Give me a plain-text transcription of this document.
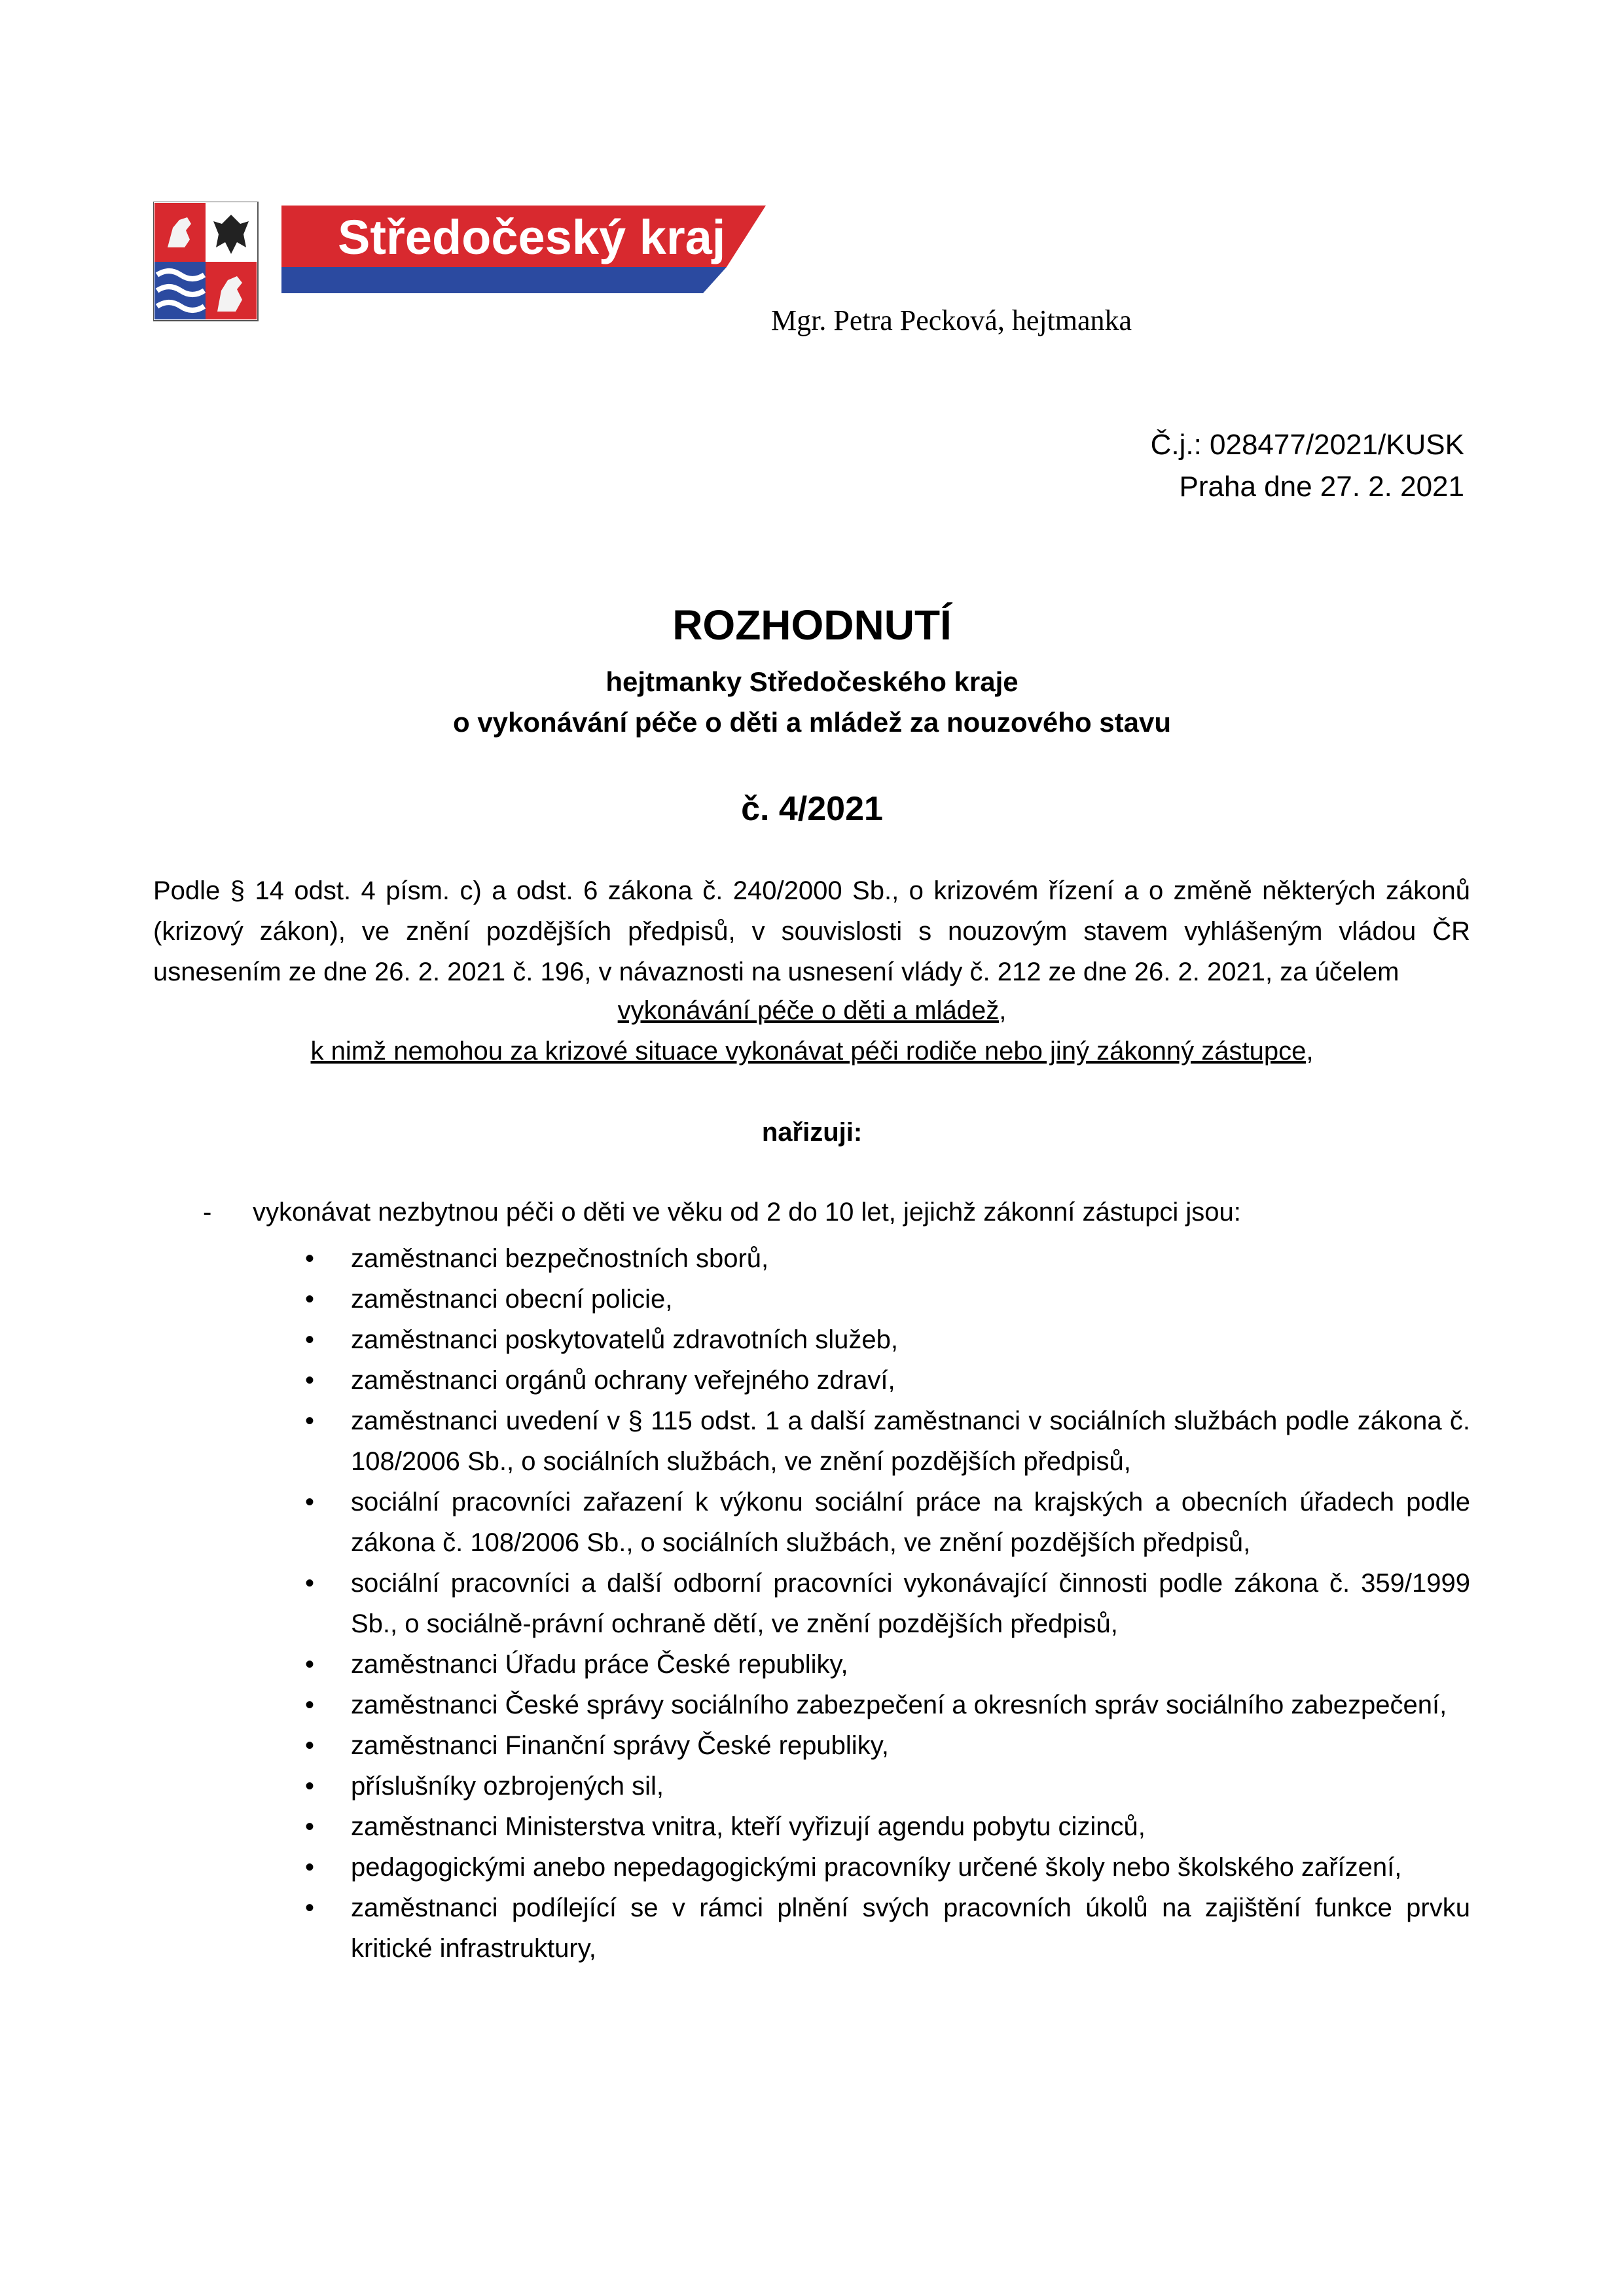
Středočeský kraj
Mgr. Petra Pecková, hejtmanka
Č.j.: 028477/2021/KUSK
Praha dne 27. 2. 2021
ROZHODNUTÍ
hejtmanky Středočeského kraje
o vykonávání péče o děti a mládež za nouzového stavu
č. 4/2021
Podle § 14 odst. 4 písm. c) a odst. 6 zákona č. 240/2000 Sb., o krizovém řízení a o změně některých zákonů (krizový zákon), ve znění pozdějších předpisů, v souvislosti s nouzovým stavem vyhlášeným vládou ČR usnesením ze dne 26. 2. 2021 č. 196, v návaznosti na usnesení vlády č. 212 ze dne 26. 2. 2021, za účelem
vykonávání péče o děti a mládež,
k nimž nemohou za krizové situace vykonávat péči rodiče nebo jiný zákonný zástupce,
nařizuji:
- vykonávat nezbytnou péči o děti ve věku od 2 do 10 let, jejichž zákonní zástupci jsou:
• zaměstnanci bezpečnostních sborů,
• zaměstnanci obecní policie,
• zaměstnanci poskytovatelů zdravotních služeb,
• zaměstnanci orgánů ochrany veřejného zdraví,
• zaměstnanci uvedení v § 115 odst. 1 a další zaměstnanci v sociálních službách podle zákona č. 108/2006 Sb., o sociálních službách, ve znění pozdějších předpisů,
• sociální pracovníci zařazení k výkonu sociální práce na krajských a obecních úřadech podle zákona č. 108/2006 Sb., o sociálních službách, ve znění pozdějších předpisů,
• sociální pracovníci a další odborní pracovníci vykonávající činnosti podle zákona č. 359/1999 Sb., o sociálně-právní ochraně dětí, ve znění pozdějších předpisů,
• zaměstnanci Úřadu práce České republiky,
• zaměstnanci České správy sociálního zabezpečení a okresních správ sociálního zabezpečení,
• zaměstnanci Finanční správy České republiky,
• příslušníky ozbrojených sil,
• zaměstnanci Ministerstva vnitra, kteří vyřizují agendu pobytu cizinců,
• pedagogickými anebo nepedagogickými pracovníky určené školy nebo školského zařízení,
• zaměstnanci podílející se v rámci plnění svých pracovních úkolů na zajištění funkce prvku kritické infrastruktury,
